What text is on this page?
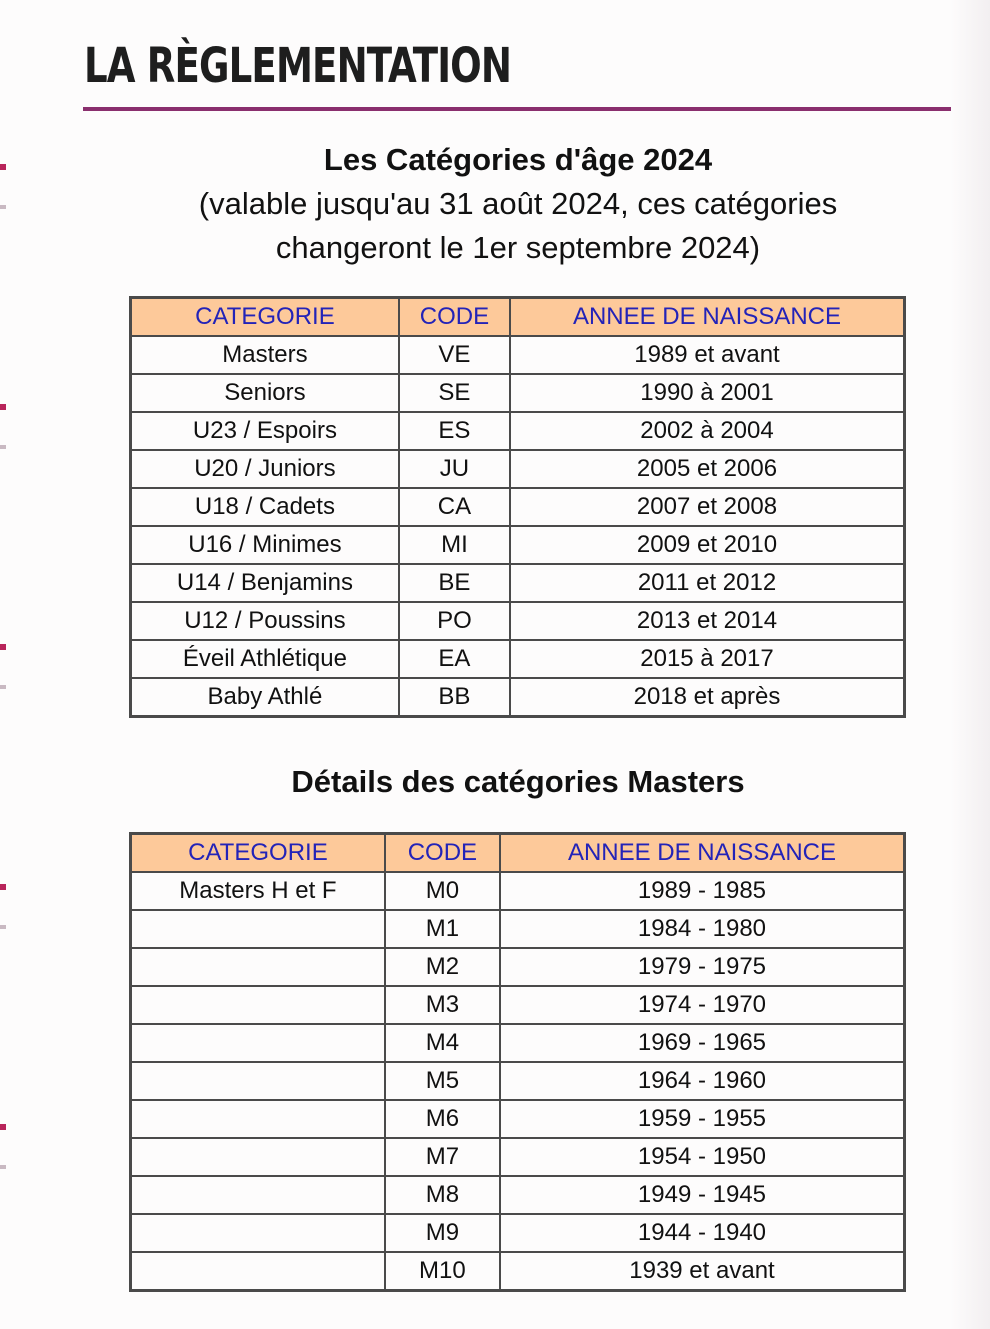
LA RÈGLEMENTATION
Les Catégories d'âge 2024
(valable jusqu'au 31 août 2024, ces catégories
changeront le 1er septembre 2024)
CATEGORIE	CODE	ANNEE DE NAISSANCE
Masters	VE	1989 et avant
Seniors	SE	1990 à 2001
U23 / Espoirs	ES	2002 à 2004
U20 / Juniors	JU	2005 et 2006
U18 / Cadets	CA	2007 et 2008
U16 / Minimes	MI	2009 et 2010
U14 / Benjamins	BE	2011 et 2012
U12 / Poussins	PO	2013 et 2014
Éveil Athlétique	EA	2015 à 2017
Baby Athlé	BB	2018 et après
Détails des catégories Masters
CATEGORIE	CODE	ANNEE DE NAISSANCE
Masters H et F	M0	1989 - 1985
	M1	1984 - 1980
	M2	1979 - 1975
	M3	1974 - 1970
	M4	1969 - 1965
	M5	1964 - 1960
	M6	1959 - 1955
	M7	1954 - 1950
	M8	1949 - 1945
	M9	1944 - 1940
	M10	1939 et avant
